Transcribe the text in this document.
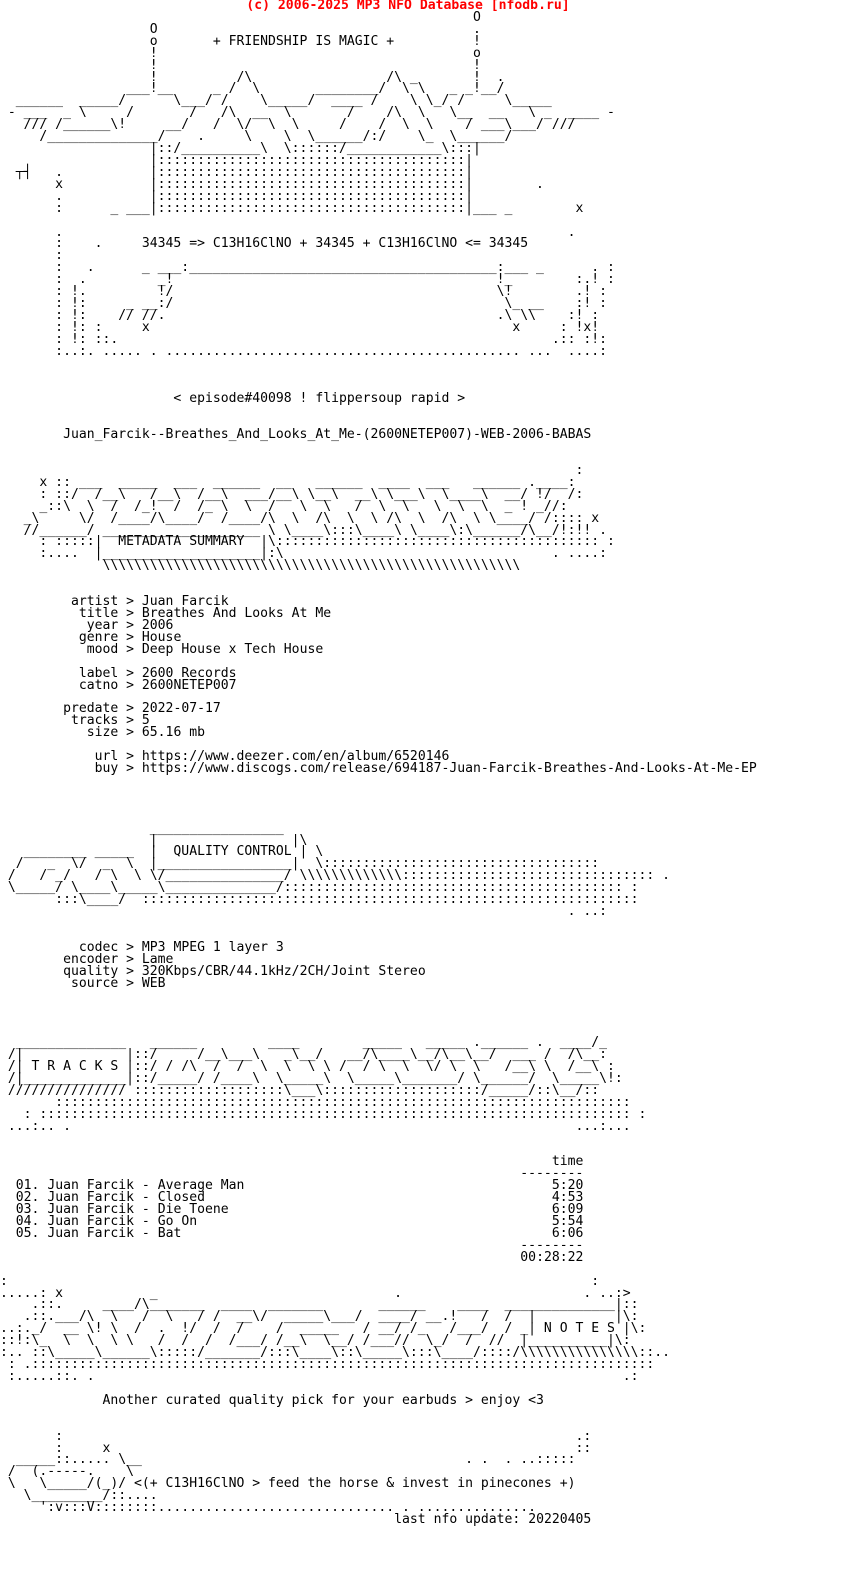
(c) 2006-2025 MP3 NFO Database [nfodb.ru]
O
O                                        .
o       + FRIENDSHIP IS MAGIC +          !
!                                        o
!                                        !
!          /\                 /\ _       !  .
___!__     _ /  \       ________/  \ \   _ _!__/
______  _____/      \___/ /    \_____/  ____ /    \ \_/ /     \_____
- ___  _ \     /       /   /\  __  \       /    /\  \   \__  __   \ _  ____ -
/// /______\!     __/   /  \/  \  \     /    /  \  \    / ___\___/ ///
/______________/    .     \    \  \______/:/    \_  \______/
|::/__________\  \::::::/____________\:::|
|:::::::::::::::::::::::::::::::::::::::|
┬┤   .           |:::::::::::::::::::::::::::::::::::::::|
x           |:::::::::::::::::::::::::::::::::::::::|        .
.           |:::::::::::::::::::::::::::::::::::::::|
:      _ ___|:::::::::::::::::::::::::::::::::::::::|___ _        x

.                                                                .
:    .     34345 => C13H16ClNO + 34345 + C13H16ClNO <= 34345
:
:   .      _ ___:_______________________________________:___ _      . :
:  .         _!                                         !_        :.! :
: !.         !/                                         \!        .! :
: !:     _ __:/                                          \_ __    :! :
: !:    // //.                                          .\ \\    :! :
: !: :     x                                              x     : !x!
: !: ::.                                                       .:: :!:
:..:. ..... . ............................................. ...  ....:

< episode#40098 ! flippersoup rapid >

Juan_Farcik--Breathes_And_Looks_At_Me-(2600NETEP007)-WEB-2006-BABAS

:
x :: ___  _____  ___  ______  __   ______  ____  ___   ______ .____:
: ::/  /__\   /__\  /__\  ___/__\ \__\  __\ \___\  \____\  __/ !/  /:
_::\  \  /  /_!  /  /_ \  \  /   \  \   /  \  \   \  \  \  _ ! _//:
_\     \/  /____/\____/  /____/\  \  /\  \  \ /\  \  /\  \ \____/ /:::: x
//______/ ____________________ \ \____\:::\____\ \____\:\______/\__/!:!! .
: :::::|  METADATA SUMMARY  |\::::::::::::::::::::::::::::::::::::::::: :
:....  |____________________|:\                                  . ....:
\\\\\\\\\\\\\\\\\\\\\\\\\\\\\\\\\\\\\\\\\\\\\\\\\\\\\

artist > Juan Farcik
title > Breathes And Looks At Me
year > 2006
genre > House
mood > Deep House x Tech House

label > 2600 Records
catno > 2600NETEP007

predate > 2022-07-17
tracks > 5
size > 65.16 mb

url > https://www.deezer.com/en/album/6520146
buy > https://www.discogs.com/release/694187-Juan-Farcik-Breathes-And-Looks-At-Me-EP

_________________
|                 |\
________ _____  |  QUALITY CONTROL | \
/   _  \/  _  \  |_________________|  \:::::::::::::::::::::::::::::::::::
/   / _/   / \  \ \/_______________/ \\\\\\\\\\\\\:::::::::::::::::::::::::::::::: .
\_____/ \____\_____\______________/::::::::::::::::::::::::::::::::::::::::::: :
:::\____/  :::::::::::::::::::::::::::::::::::::::::::::::::::::::::::::::
. ..:

codec > MP3 MPEG 1 layer 3
encoder > Lame
quality > 320Kbps/CBR/44.1kHz/2CH/Joint Stereo
source > WEB

______________   ______         ____        _____   _____ .______ .  ____/_
/|             |::/     /__\___\   _\__/   __/\____\__/\__\__/  ___ /  /\__:
/| T R A C K S |::/ / /\  /  /  \  \  \ \ /  / \  \  \/ \  \   /__\ \  /__\ :
/|_____________|::/_____/ /____\  \_____\  \_____\_______/ \______/  \_____\!:
/////////////// :::::::::::::::::::\___\::::::::::::::::::::/_____/::\__/::
:::::::::::::::::::::::::::::::::::::::::::::::::::::::::::::::::::::::::
: ::::::::::::::::::::::::::::::::::::::::::::::::::::::::::::::::::::::::::: :
...:.. .                                                                ...:...

time
--------
01. Juan Farcik - Average Man	5:20
02. Juan Farcik - Closed	4:53
03. Juan Farcik - Die Toene	6:09
04. Juan Farcik - Go On	5:54
05. Juan Farcik - Bat	6:06
--------
00:28:22

:                                                                          :
.....: x           _                              .                       . ..:>
.::.     ____/\_______  ____  _______       ______    ____  ______________|::
.::.___/\  \   /  \   / /  __\/  _____\___/  ____/ __.!   /  /  |          |\:
..:._/  __ \! \  /  .  !/  /  /    /  _____   / __/ /_   /___/  / _| N O T E S |\:
::!:\_  \  \  \ \   /  /  /  /___/ /__\  \__/ /___//  \_/  /  //  |__________|\:
:.. ::\_____\______\:::::/_______/:::\____\::\_____\:::\____/::::/\\\\\\\\\\\\\\\::..
: .:::::::::::::::::::::::::::::::::::::::::::::::::::::::::::::::::::::::::::::::
:.....::. .                                                                   .:

Another curated quality pick for your earbuds > enjoy <3

:                                                                 .:
:     x                                                           ::
_____::..... \__                                         . .  . ..:::::
/  (.-----.    \
\   \_____/(_)/ <(+ C13H16ClNO > feed the horse & invest in pinecones +)
\_________/::....
':v:::V::::::::.............................. . ...............
last nfo update: 20220405
